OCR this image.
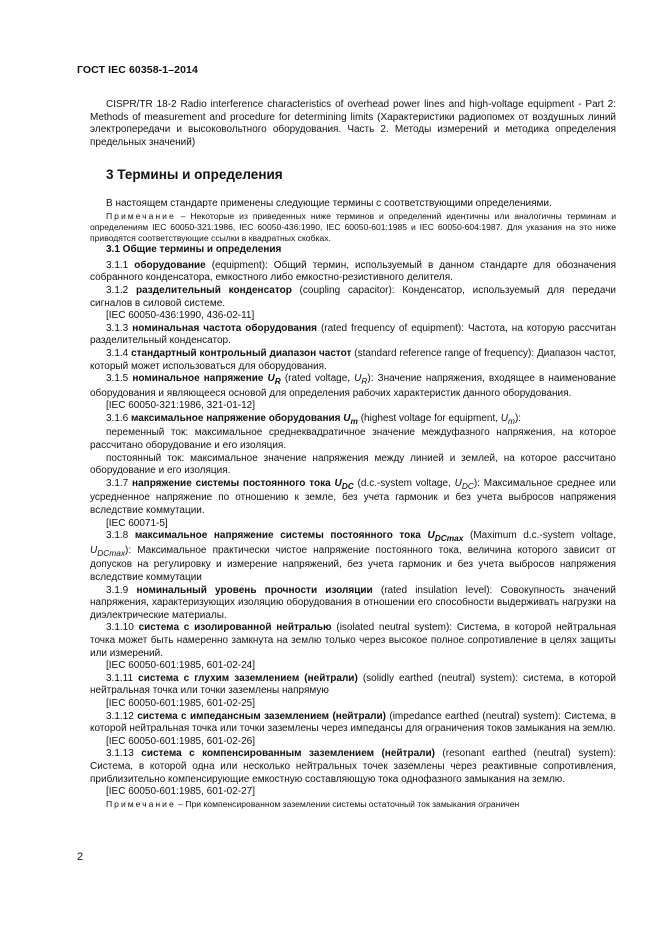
ГОСТ IEC 60358-1–2014

CISPR/TR 18-2 Radio interference characteristics of overhead power lines and high-voltage equipment - Part 2: Methods of measurement and procedure for determining limits (Характеристики радиопомех от воздушных линий электропередачи и высоковольтного оборудования. Часть 2. Методы измерений и методика определения предельных значений)

3 Термины и определения

В настоящем стандарте применены следующие термины с соответствующими определениями.

Примечание – Некоторые из приведенных ниже терминов и определений идентичны или аналогичны терминам и определениям IEC 60050-321:1986, IEC 60050-436:1990, IEC 60050-601:1985 и IEC 60050-604:1987. Для указания на это ниже приводятся соответствующие ссылки в квадратных скобках.

3.1 Общие термины и определения

3.1.1 оборудование (equipment): Общий термин, используемый в данном стандарте для обозначения собранного конденсатора, емкостного либо емкостно-резистивного делителя.

3.1.2 разделительный конденсатор (coupling capacitor): Конденсатор, используемый для передачи сигналов в силовой системе.

[IEC 60050-436:1990, 436-02-11]

3.1.3 номинальная частота оборудования (rated frequency of equipment): Частота, на которую рассчитан разделительный конденсатор.

3.1.4 стандартный контрольный диапазон частот (standard reference range of frequency): Диапазон частот, который может использоваться для оборудования.

3.1.5 номинальное напряжение $U_R$ (rated voltage, $U_R$): Значение напряжения, входящее в наименование оборудования и являющееся основой для определения рабочих характеристик данного оборудования.

[IEC 60050-321:1986, 321-01-12]

3.1.6 максимальное напряжение оборудования $U_m$ (highest voltage for equipment, $U_m$):

переменный ток: максимальное среднеквадратичное значение междуфазного напряжения, на которое рассчитано оборудование и его изоляция.

постоянный ток: максимальное значение напряжения между линией и землей, на которое рассчитано оборудование и его изоляция.

3.1.7 напряжение системы постоянного тока $U_{DC}$ (d.c.-system voltage, $U_{DC}$): Максимальное среднее или усредненное напряжение по отношению к земле, без учета гармоник и без учета выбросов напряжения вследствие коммутации.

[IEC 60071-5]

3.1.8 максимальное напряжение системы постоянного тока $U_{DCmax}$ (Maximum d.c.-system voltage, $U_{DCmax}$): Максимальное практически чистое напряжение постоянного тока, величина которого зависит от допусков на регулировку и измерение напряжений, без учета гармоник и без учета выбросов напряжения вследствие коммутации

3.1.9 номинальный уровень прочности изоляции (rated insulation level): Совокупность значений напряжения, характеризующих изоляцию оборудования в отношении его способности выдерживать нагрузки на диэлектрические материалы.

3.1.10 система с изолированной нейтралью (isolated neutral system): Система, в которой нейтральная точка может быть намеренно замкнута на землю только через высокое полное сопротивление в целях защиты или измерений.

[IEC 60050-601:1985, 601-02-24]

3.1.11 система с глухим заземлением (нейтрали) (solidly earthed (neutral) system): система, в которой нейтральная точка или точки заземлены напрямую

[IEC 60050-601:1985, 601-02-25]

3.1.12 система с импедансным заземлением (нейтрали) (impedance earthed (neutral) system): Система, в которой нейтральная точка или точки заземлены через импедансы для ограничения токов замыкания на землю.

[IEC 60050-601:1985, 601-02-26]

3.1.13 система с компенсированным заземлением (нейтрали) (resonant earthed (neutral) system): Система, в которой одна или несколько нейтральных точек заземлены через реактивные сопротивления, приблизительно компенсирующие емкостную составляющую тока однофазного замыкания на землю.

[IEC 60050-601:1985, 601-02-27]

Примечание – При компенсированном заземлении системы остаточный ток замыкания ограничен

2
